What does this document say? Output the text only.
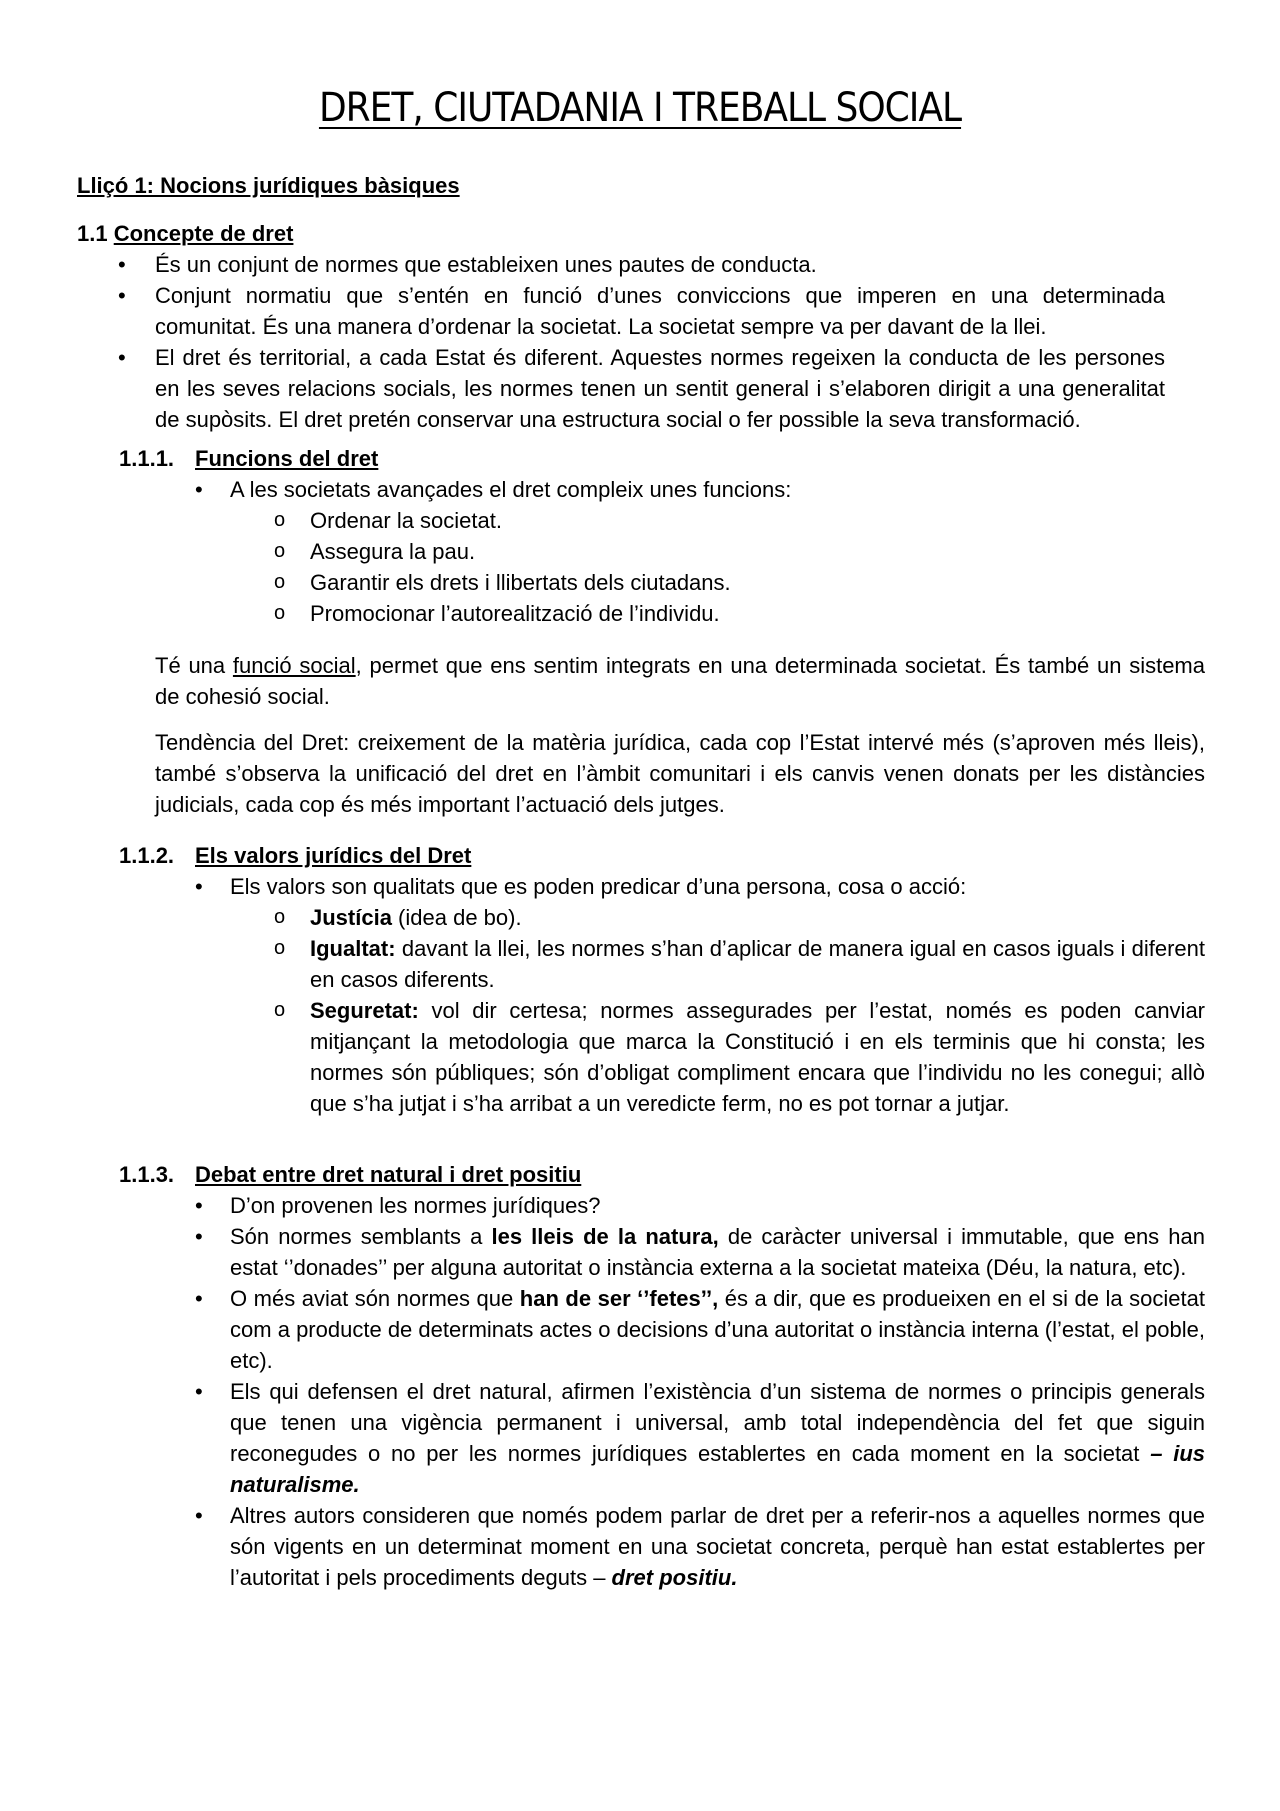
DRET, CIUTADANIA I TREBALL SOCIAL
Lliçó 1: Nocions jurídiques bàsiques
1.1 Concepte de dret
• És un conjunt de normes que estableixen unes pautes de conducta.
• Conjunt normatiu que s’entén en funció d’unes conviccions que imperen en una determinada comunitat. És una manera d’ordenar la societat. La societat sempre va per davant de la llei.
• El dret és territorial, a cada Estat és diferent. Aquestes normes regeixen la conducta de les persones en les seves relacions socials, les normes tenen un sentit general i s’elaboren dirigit a una generalitat de supòsits. El dret pretén conservar una estructura social o fer possible la seva transformació.
1.1.1. Funcions del dret
• A les societats avançades el dret compleix unes funcions:
o Ordenar la societat.
o Assegura la pau.
o Garantir els drets i llibertats dels ciutadans.
o Promocionar l’autorealització de l’individu.
Té una funció social, permet que ens sentim integrats en una determinada societat. És també un sistema de cohesió social.
Tendència del Dret: creixement de la matèria jurídica, cada cop l’Estat intervé més (s’aproven més lleis), també s’observa la unificació del dret en l’àmbit comunitari i els canvis venen donats per les distàncies judicials, cada cop és més important l’actuació dels jutges.
1.1.2. Els valors jurídics del Dret
• Els valors son qualitats que es poden predicar d’una persona, cosa o acció:
o Justícia (idea de bo).
o Igualtat: davant la llei, les normes s’han d’aplicar de manera igual en casos iguals i diferent en casos diferents.
o Seguretat: vol dir certesa; normes assegurades per l’estat, només es poden canviar mitjançant la metodologia que marca la Constitució i en els terminis que hi consta; les normes són públiques; són d’obligat compliment encara que l’individu no les conegui; allò que s’ha jutjat i s’ha arribat a un veredicte ferm, no es pot tornar a jutjar.
1.1.3. Debat entre dret natural i dret positiu
• D’on provenen les normes jurídiques?
• Són normes semblants a les lleis de la natura, de caràcter universal i immutable, que ens han estat ‘’donades’’ per alguna autoritat o instància externa a la societat mateixa (Déu, la natura, etc).
• O més aviat són normes que han de ser ‘’fetes’’, és a dir, que es produeixen en el si de la societat com a producte de determinats actes o decisions d’una autoritat o instància interna (l’estat, el poble, etc).
• Els qui defensen el dret natural, afirmen l’existència d’un sistema de normes o principis generals que tenen una vigència permanent i universal, amb total independència del fet que siguin reconegudes o no per les normes jurídiques establertes en cada moment en la societat – ius naturalisme.
• Altres autors consideren que només podem parlar de dret per a referir-nos a aquelles normes que són vigents en un determinat moment en una societat concreta, perquè han estat establertes per l’autoritat i pels procediments deguts – dret positiu.
